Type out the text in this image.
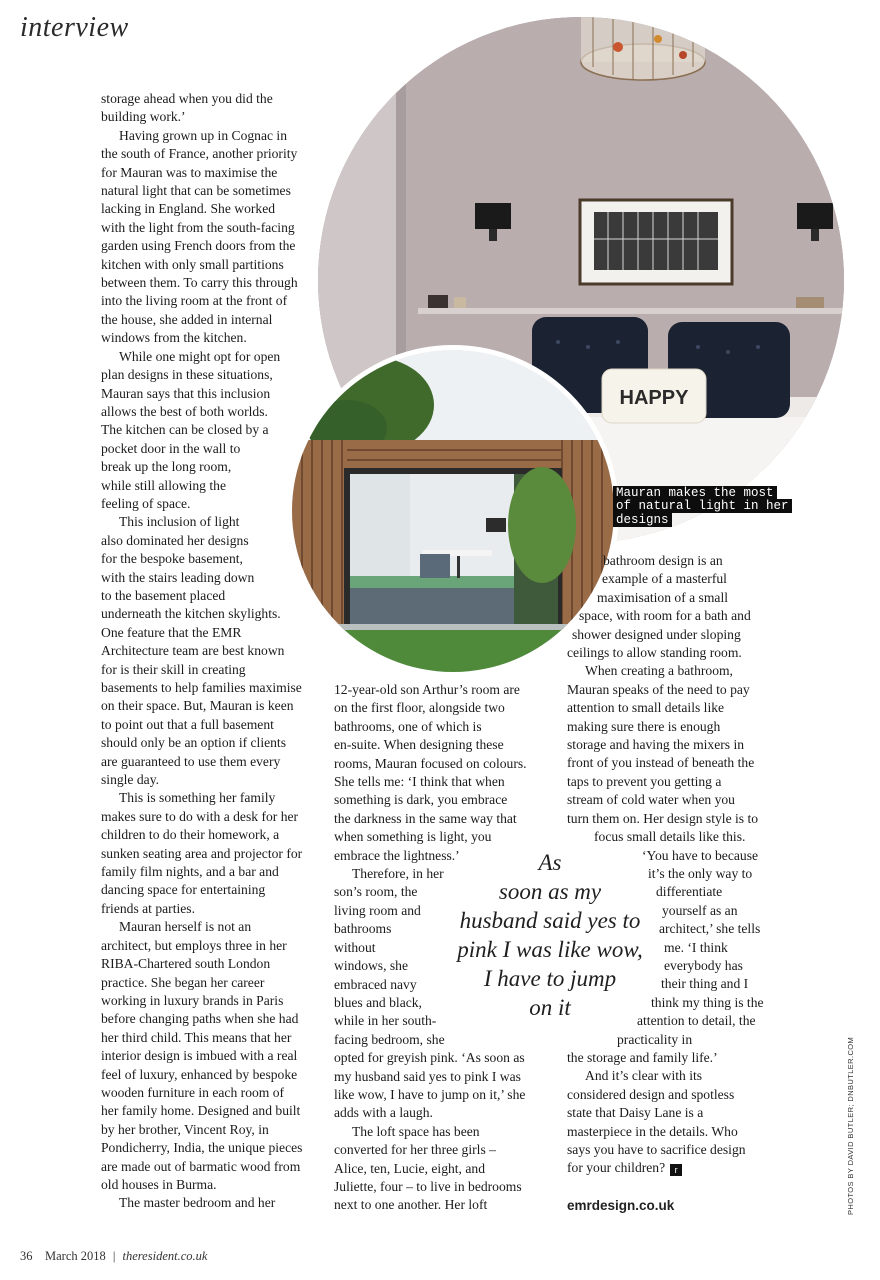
interview
HAPPY
Mauran makes the most of natural light in her designs

storage ahead when you did the
building work.’

Having grown up in Cognac in
the south of France, another priority
for Mauran was to maximise the
natural light that can be sometimes
lacking in England. She worked
with the light from the south-facing
garden using French doors from the
kitchen with only small partitions
between them. To carry this through
into the living room at the front of
the house, she added in internal
windows from the kitchen.

While one might opt for open
plan designs in these situations,
Mauran says that this inclusion
allows the best of both worlds.
The kitchen can be closed by a
pocket door in the wall to
break up the long room,
while still allowing the
feeling of space.

This inclusion of light
also dominated her designs
for the bespoke basement,
with the stairs leading down
to the basement placed
underneath the kitchen skylights.
One feature that the EMR
Architecture team are best known
for is their skill in creating
basements to help families maximise
on their space. But, Mauran is keen
to point out that a full basement
should only be an option if clients
are guaranteed to use them every
single day.

This is something her family
makes sure to do with a desk for her
children to do their homework, a
sunken seating area and projector for
family film nights, and a bar and
dancing space for entertaining
friends at parties.

Mauran herself is not an
architect, but employs three in her
RIBA-Chartered south London
practice. She began her career
working in luxury brands in Paris
before changing paths when she had
her third child. This means that her
interior design is imbued with a real
feel of luxury, enhanced by bespoke
wooden furniture in each room of
her family home. Designed and built
by her brother, Vincent Roy, in
Pondicherry, India, the unique pieces
are made out of barmatic wood from
old houses in Burma.

The master bedroom and her

12-year-old son Arthur’s room are
on the first floor, alongside two
bathrooms, one of which is
en-suite. When designing these
rooms, Mauran focused on colours.
She tells me: ‘I think that when
something is dark, you embrace
the darkness in the same way that
when something is light, you
embrace the lightness.’

Therefore, in her
son’s room, the
living room and
bathrooms
without
windows, she
embraced navy
blues and black,
while in her south-
facing bedroom, she
opted for greyish pink. ‘As soon as
my husband said yes to pink I was
like wow, I have to jump on it,’ she
adds with a laugh.

The loft space has been
converted for her three girls –
Alice, ten, Lucie, eight, and
Juliette, four – to live in bedrooms
next to one another. Her loft

bathroom design is an
example of a masterful
maximisation of a small
space, with room for a bath and
shower designed under sloping
ceilings to allow standing room.

When creating a bathroom,
Mauran speaks of the need to pay
attention to small details like
making sure there is enough
storage and having the mixers in
front of you instead of beneath the
taps to prevent you getting a
stream of cold water when you
turn them on. Her design style is to
focus small details like this.

‘You have to because
it’s the only way to
differentiate
yourself as an
architect,’ she tells
me. ‘I think
everybody has
their thing and I
think my thing is the
attention to detail, the
practicality in
the storage and family life.’

And it’s clear with its
considered design and spotless
state that Daisy Lane is a
masterpiece in the details. Who
says you have to sacrifice design
for your children? r

As
soon as my
husband said yes to
pink I was like wow,
I have to jump
on it
emrdesign.co.uk	PHOTOS BY DAVID BUTLER; DNBUTLER.COM
36 March 2018 | theresident.co.uk
